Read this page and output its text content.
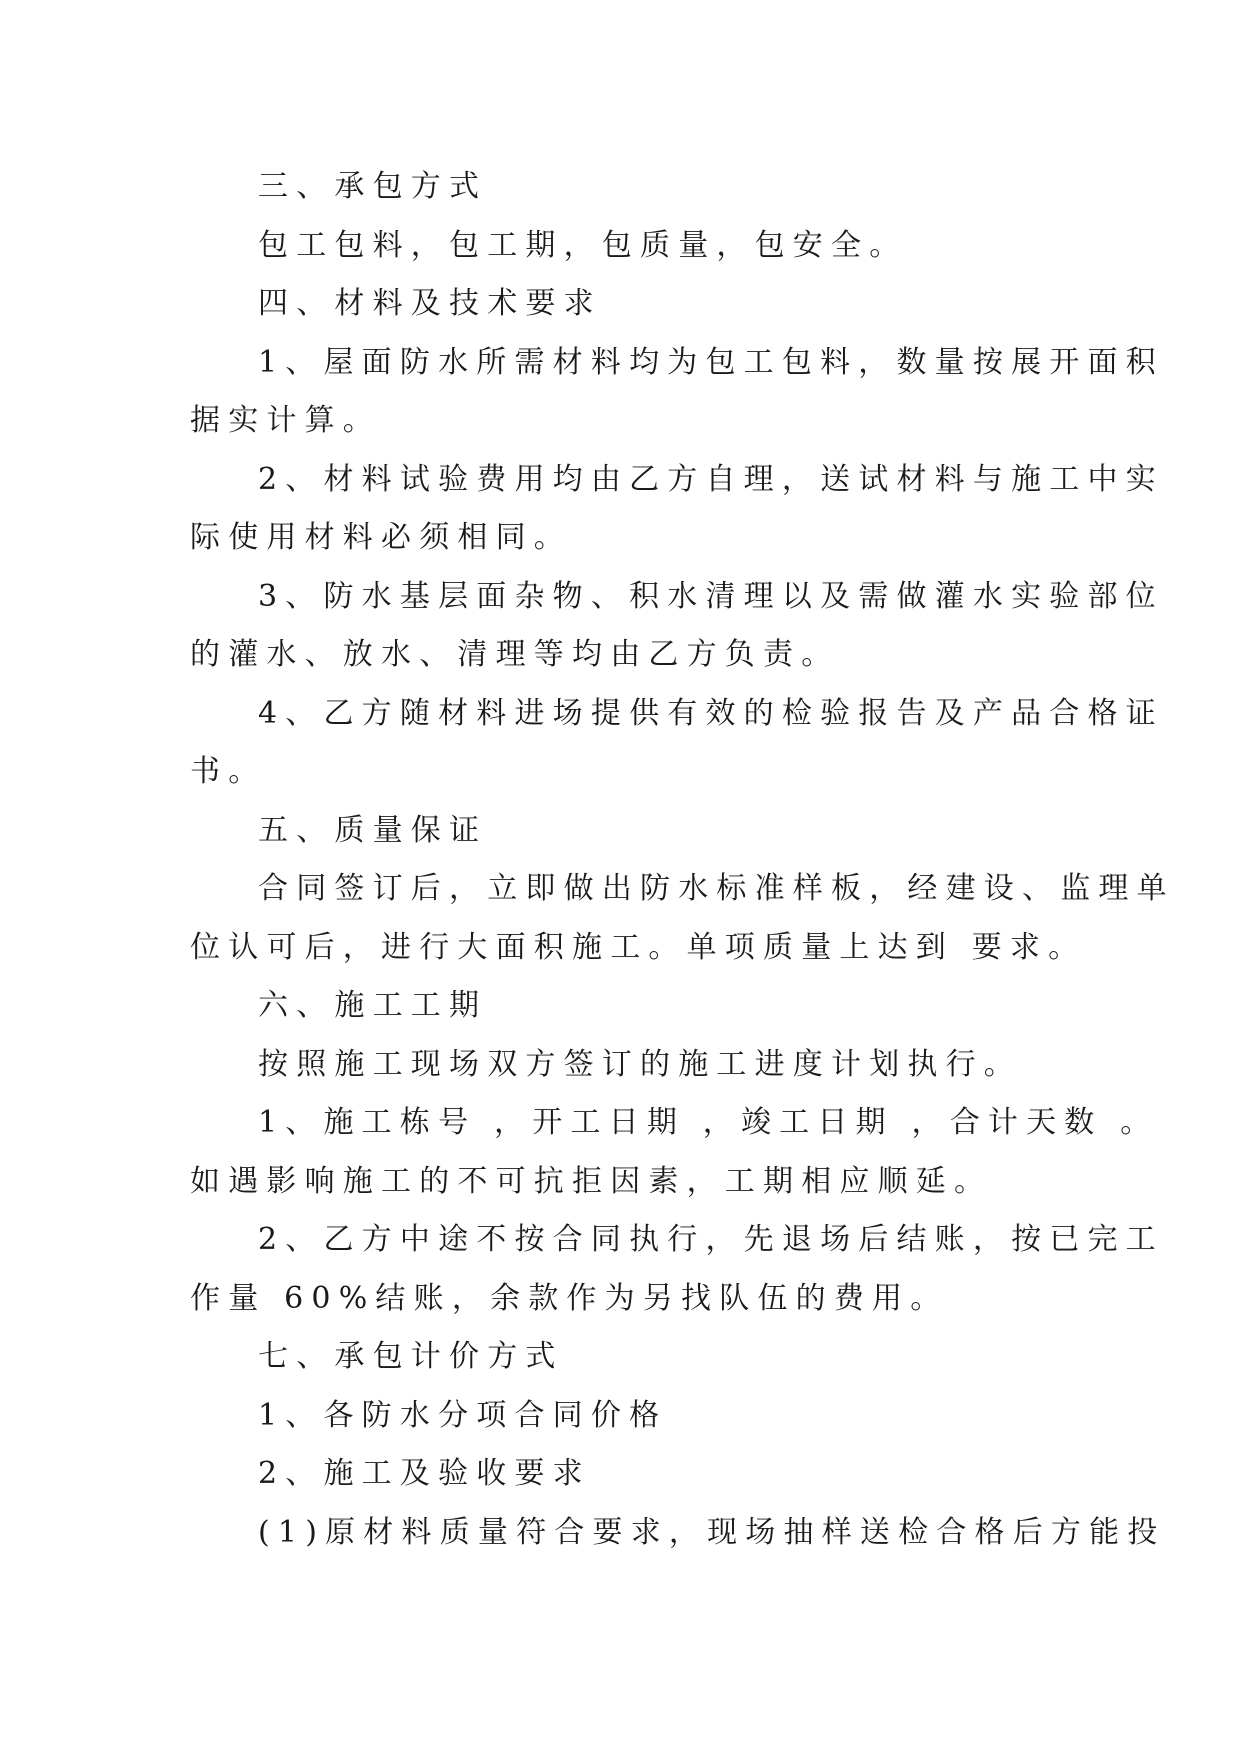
三、承包方式

包工包料，包工期，包质量，包安全。

四、材料及技术要求

1、屋面防水所需材料均为包工包料，数量按展开面积

据实计算。

2、材料试验费用均由乙方自理，送试材料与施工中实

际使用材料必须相同。

3、防水基层面杂物、积水清理以及需做灌水实验部位

的灌水、放水、清理等均由乙方负责。

4、乙方随材料进场提供有效的检验报告及产品合格证

书。

五、质量保证

合同签订后，立即做出防水标准样板，经建设、监理单

位认可后，进行大面积施工。单项质量上达到 要求。

六、施工工期

按照施工现场双方签订的施工进度计划执行。

1、施工栋号 ，开工日期 ，竣工日期 ，合计天数 。

如遇影响施工的不可抗拒因素，工期相应顺延。

2、乙方中途不按合同执行，先退场后结账，按已完工

作量 60%结账，余款作为另找队伍的费用。

七、承包计价方式

1、各防水分项合同价格

2、施工及验收要求

(1)原材料质量符合要求，现场抽样送检合格后方能投
